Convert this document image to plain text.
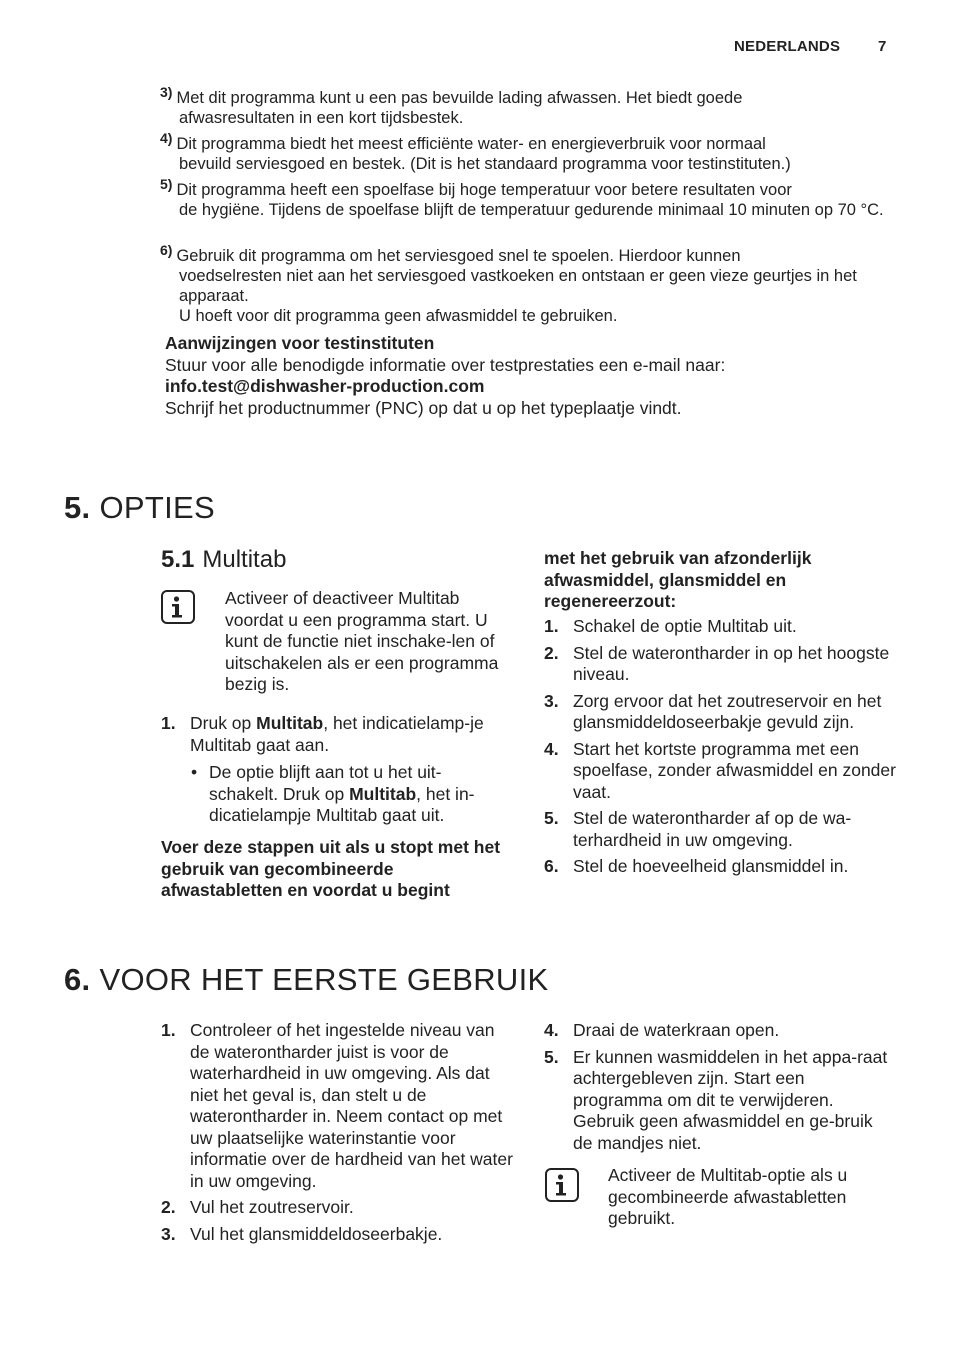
NEDERLANDS	7
$^{3)}$ Met dit programma kunt u een pas bevuilde lading afwassen. Het biedt goede
afwasresultaten in een kort tijdsbestek.
$^{4)}$ Dit programma biedt het meest efficiënte water- en energieverbruik voor normaal
bevuild serviesgoed en bestek. (Dit is het standaard programma voor testinstituten.)
$^{5)}$ Dit programma heeft een spoelfase bij hoge temperatuur voor betere resultaten voor
de hygiëne. Tijdens de spoelfase blijft de temperatuur gedurende minimaal 10 minuten op 70 °C.
$^{6)}$ Gebruik dit programma om het serviesgoed snel te spoelen. Hierdoor kunnen
voedselresten niet aan het serviesgoed vastkoeken en ontstaan er geen vieze geurtjes in het apparaat.
U hoeft voor dit programma geen afwasmiddel te gebruiken.
Aanwijzingen voor testinstituten
Stuur voor alle benodigde informatie over testprestaties een e-mail naar:
info.test@dishwasher-production.com
Schrijf het productnummer (PNC) op dat u op het typeplaatje vindt.
5. OPTIES
5.1 Multitab
Activeer of deactiveer Multitab voordat u een programma start. U kunt de functie niet inschake-len of uitschakelen als er een programma bezig is.
1. Druk op Multitab, het indicatielamp-je Multitab gaat aan.
• De optie blijft aan tot u het uit-schakelt. Druk op Multitab, het in-dicatielampje Multitab gaat uit.
Voer deze stappen uit als u stopt met het gebruik van gecombineerde afwastabletten en voordat u begint
met het gebruik van afzonderlijk afwasmiddel, glansmiddel en regenereerzout:
1. Schakel de optie Multitab uit.
2. Stel de waterontharder in op het hoogste niveau.
3. Zorg ervoor dat het zoutreservoir en het glansmiddeldoseerbakje gevuld zijn.
4. Start het kortste programma met een spoelfase, zonder afwasmiddel en zonder vaat.
5. Stel de waterontharder af op de wa-terhardheid in uw omgeving.
6. Stel de hoeveelheid glansmiddel in.
6. VOOR HET EERSTE GEBRUIK
1. Controleer of het ingestelde niveau van de waterontharder juist is voor de waterhardheid in uw omgeving. Als dat niet het geval is, dan stelt u de waterontharder in. Neem contact op met uw plaatselijke waterinstantie voor informatie over de hardheid van het water in uw omgeving.
2. Vul het zoutreservoir.
3. Vul het glansmiddeldoseerbakje.
4. Draai de waterkraan open.
5. Er kunnen wasmiddelen in het appa-raat achtergebleven zijn. Start een programma om dit te verwijderen. Gebruik geen afwasmiddel en ge-bruik de mandjes niet.
Activeer de Multitab-optie als u gecombineerde afwastabletten gebruikt.
